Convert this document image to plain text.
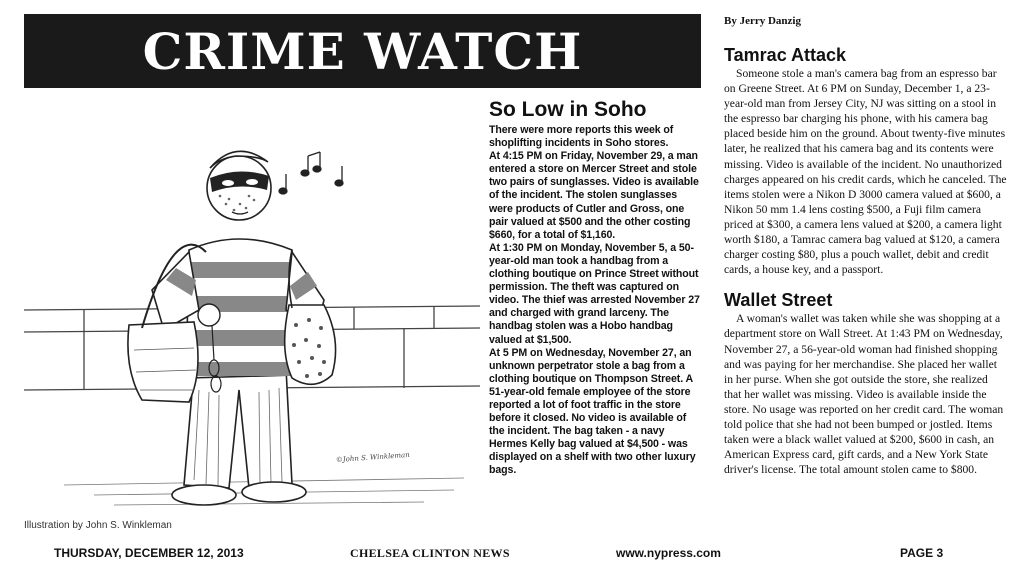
CRIME WATCH
©John S. Winkleman
Illustration by John S. Winkleman
So Low in Soho

There were more reports this week of shoplifting incidents in Soho stores.

At 4:15 PM on Friday, November 29, a man entered a store on Mercer Street and stole two pairs of sunglasses. Video is available of the incident. The stolen sunglasses were products of Cutler and Gross, one pair valued at $500 and the other costing $660, for a total of $1,160.

At 1:30 PM on Monday, November 5, a 50-year-old man took a handbag from a clothing boutique on Prince Street without permission. The theft was captured on video. The thief was arrested November 27 and charged with grand larceny. The handbag stolen was a Hobo handbag valued at $1,500.

At 5 PM on Wednesday, November 27, an unknown perpetrator stole a bag from a clothing boutique on Thompson Street. A 51-year-old female employee of the store reported a lot of foot traffic in the store before it closed. No video is available of the incident. The bag taken - a navy Hermes Kelly bag valued at $4,500 - was displayed on a shelf with two other luxury bags.

By Jerry Danzig
Tamrac Attack

Someone stole a man's camera bag from an espresso bar on Greene Street. At 6 PM on Sunday, December 1, a 23-year-old man from Jersey City, NJ was sitting on a stool in the espresso bar charging his phone, with his camera bag placed beside him on the ground. About twenty-five minutes later, he realized that his camera bag and its contents were missing. Video is available of the incident. No unauthorized charges appeared on his credit cards, which he canceled. The items stolen were a Nikon D 3000 camera valued at $600, a Nikon 50 mm 1.4 lens costing $500, a Fuji film camera priced at $300, a camera lens valued at $200, a camera light worth $180, a Tamrac camera bag valued at $120, a camera charger costing $80, plus a pouch wallet, debit and credit cards, a house key, and a passport.

Wallet Street

A woman's wallet was taken while she was shopping at a department store on Wall Street. At 1:43 PM on Wednesday, November 27, a 56-year-old woman had finished shopping and was paying for her merchandise. She placed her wallet in her purse. When she got outside the store, she realized that her wallet was missing. Video is available inside the store. No usage was reported on her credit card. The woman told police that she had not been bumped or jostled. Items taken were a black wallet valued at $200, $600 in cash, an American Express card, gift cards, and a New York State driver's license. The total amount stolen came to $800.

THURSDAY, DECEMBER 12, 2013	CHELSEA CLINTON NEWS	www.nypress.com	PAGE 3
